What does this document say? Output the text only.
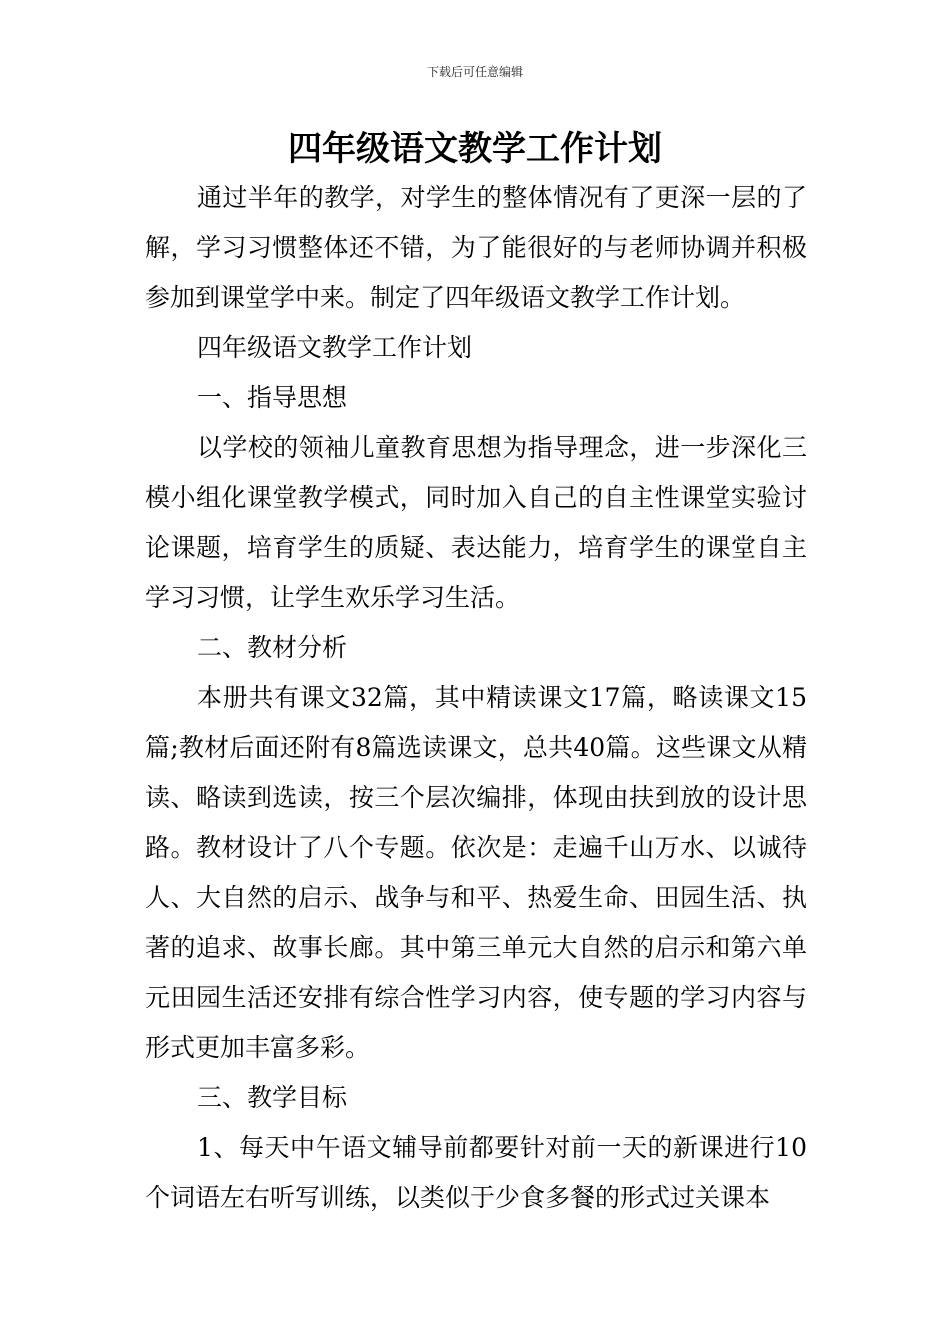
下载后可任意编辑
四年级语文教学工作计划

通过半年的教学，对学生的整体情况有了更深一层的了解，学习习惯整体还不错，为了能很好的与老师协调并积极参加到课堂学中来。制定了四年级语文教学工作计划。

四年级语文教学工作计划

一、指导思想

以学校的领袖儿童教育思想为指导理念，进一步深化三模小组化课堂教学模式，同时加入自己的自主性课堂实验讨论课题，培育学生的质疑、表达能力，培育学生的课堂自主学习习惯，让学生欢乐学习生活。

二、教材分析

本册共有课文32篇，其中精读课文17篇，略读课文15篇;教材后面还附有8篇选读课文，总共40篇。这些课文从精读、略读到选读，按三个层次编排，体现由扶到放的设计思路。教材设计了八个专题。依次是：走遍千山万水、以诚待人、大自然的启示、战争与和平、热爱生命、田园生活、执著的追求、故事长廊。其中第三单元大自然的启示和第六单元田园生活还安排有综合性学习内容，使专题的学习内容与形式更加丰富多彩。

三、教学目标

1、每天中午语文辅导前都要针对前一天的新课进行10个词语左右听写训练，以类似于少食多餐的形式过关课本
